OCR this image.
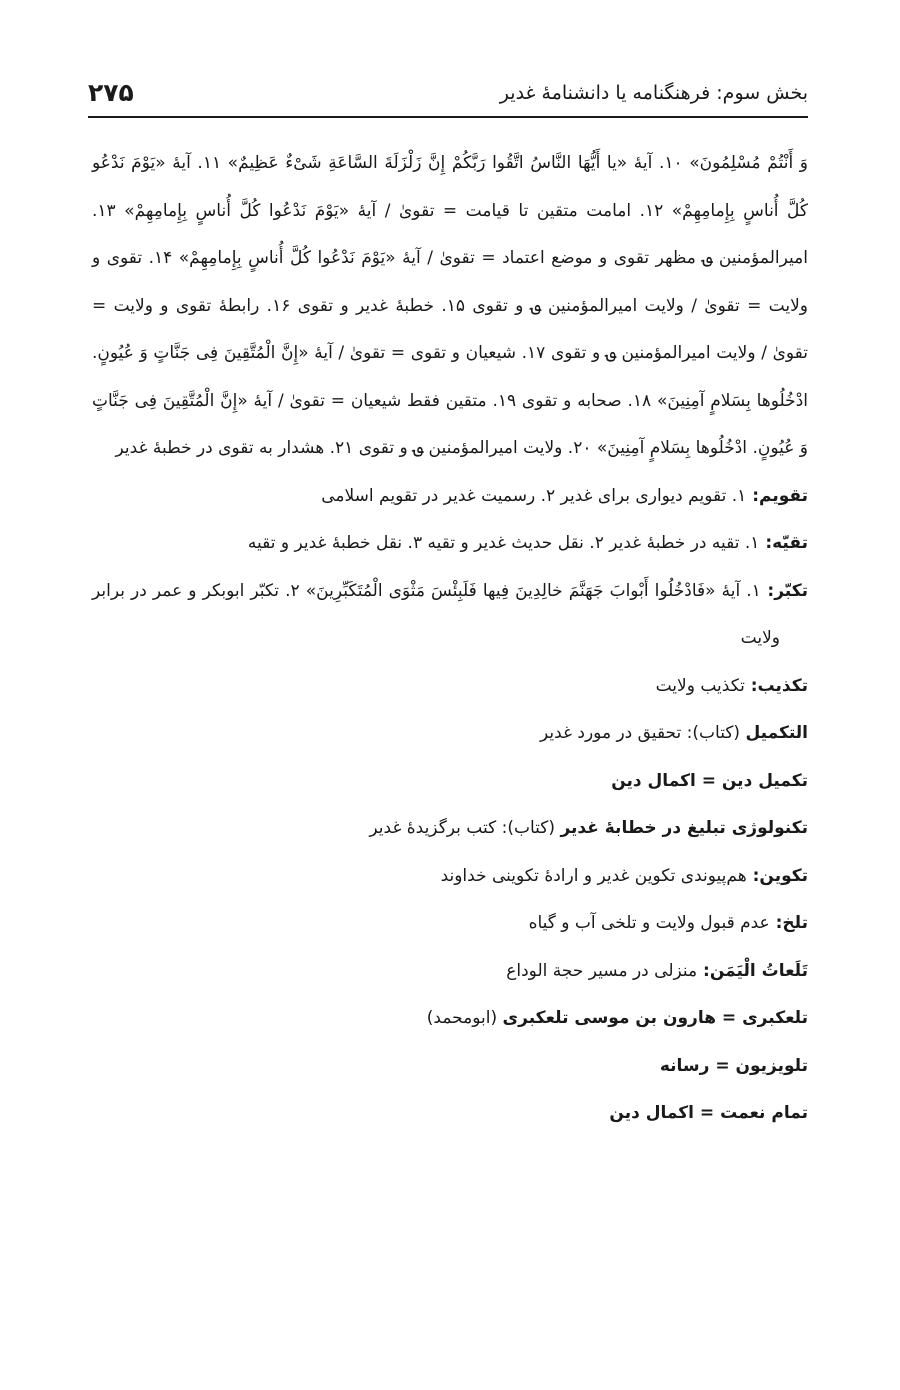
بخش سوم: فرهنگنامه یا دانشنامهٔ غدیر
۲۷۵

وَ أَنْتُمْ مُسْلِمُونَ» ۱۰. آیهٔ «یا أَیُّهَا النَّاسُ اتَّقُوا رَبَّکُمْ إِنَّ زَلْزَلَةَ السَّاعَةِ شَیْءٌ عَظِیمٌ» ۱۱. آیهٔ «یَوْمَ نَدْعُو کُلَّ أُناسٍ بِإِمامِهِمْ» ۱۲. امامت متقین تا قیامت = تقویٰ / آیهٔ «یَوْمَ نَدْعُوا کُلَّ أُناسٍ بِإِمامِهِمْ» ۱۳. امیرالمؤمنین ؈ مظهر تقوی و موضع اعتماد = تقویٰ / آیهٔ «یَوْمَ نَدْعُوا کُلَّ أُناسٍ بِإِمامِهِمْ» ۱۴. تقوی و ولایت = تقویٰ / ولایت امیرالمؤمنین ؈ و تقوی ۱۵. خطبهٔ غدیر و تقوی ۱۶. رابطهٔ تقوی و ولایت = تقویٰ / ولایت امیرالمؤمنین ؈ و تقوی ۱۷. شیعیان و تقوی = تقویٰ / آیهٔ «إِنَّ الْمُتَّقِینَ فِی جَنَّاتٍ وَ عُیُونٍ. ادْخُلُوها بِسَلامٍ آمِنِینَ» ۱۸. صحابه و تقوی ۱۹. متقین فقط شیعیان = تقویٰ / آیهٔ «إِنَّ الْمُتَّقِینَ فِی جَنَّاتٍ وَ عُیُونٍ. ادْخُلُوها بِسَلامٍ آمِنِینَ» ۲۰. ولایت امیرالمؤمنین ؈ و تقوی ۲۱. هشدار به تقوی در خطبهٔ غدیر

تقویم: ۱. تقویم دیواری برای غدیر ۲. رسمیت غدیر در تقویم اسلامی

تقیّه: ۱. تقیه در خطبهٔ غدیر ۲. نقل حدیث غدیر و تقیه ۳. نقل خطبهٔ غدیر و تقیه

تکبّر: ۱. آیهٔ «فَادْخُلُوا أَبْوابَ جَهَنَّمَ خالِدِینَ فِیها فَلَبِئْسَ مَثْوَی الْمُتَکَبِّرِینَ» ۲. تکبّر ابوبکر و عمر در برابر ولایت

تکذیب: تکذیب ولایت

التکمیل (کتاب): تحقیق در مورد غدیر

تکمیل دین = اکمال دین

تکنولوژی تبلیغ در خطابهٔ غدیر (کتاب): کتب برگزیدهٔ غدیر

تکوین: هم‌پیوندی تکوین غدیر و ارادهٔ تکوینی خداوند

تلخ: عدم قبول ولایت و تلخی آب و گیاه

تَلَعاتُ الْیَمَن: منزلی در مسیر حجة الوداع

تلعکبری = هارون بن موسی تلعکبری (ابومحمد)

تلویزیون = رسانه

تمام نعمت = اکمال دین
